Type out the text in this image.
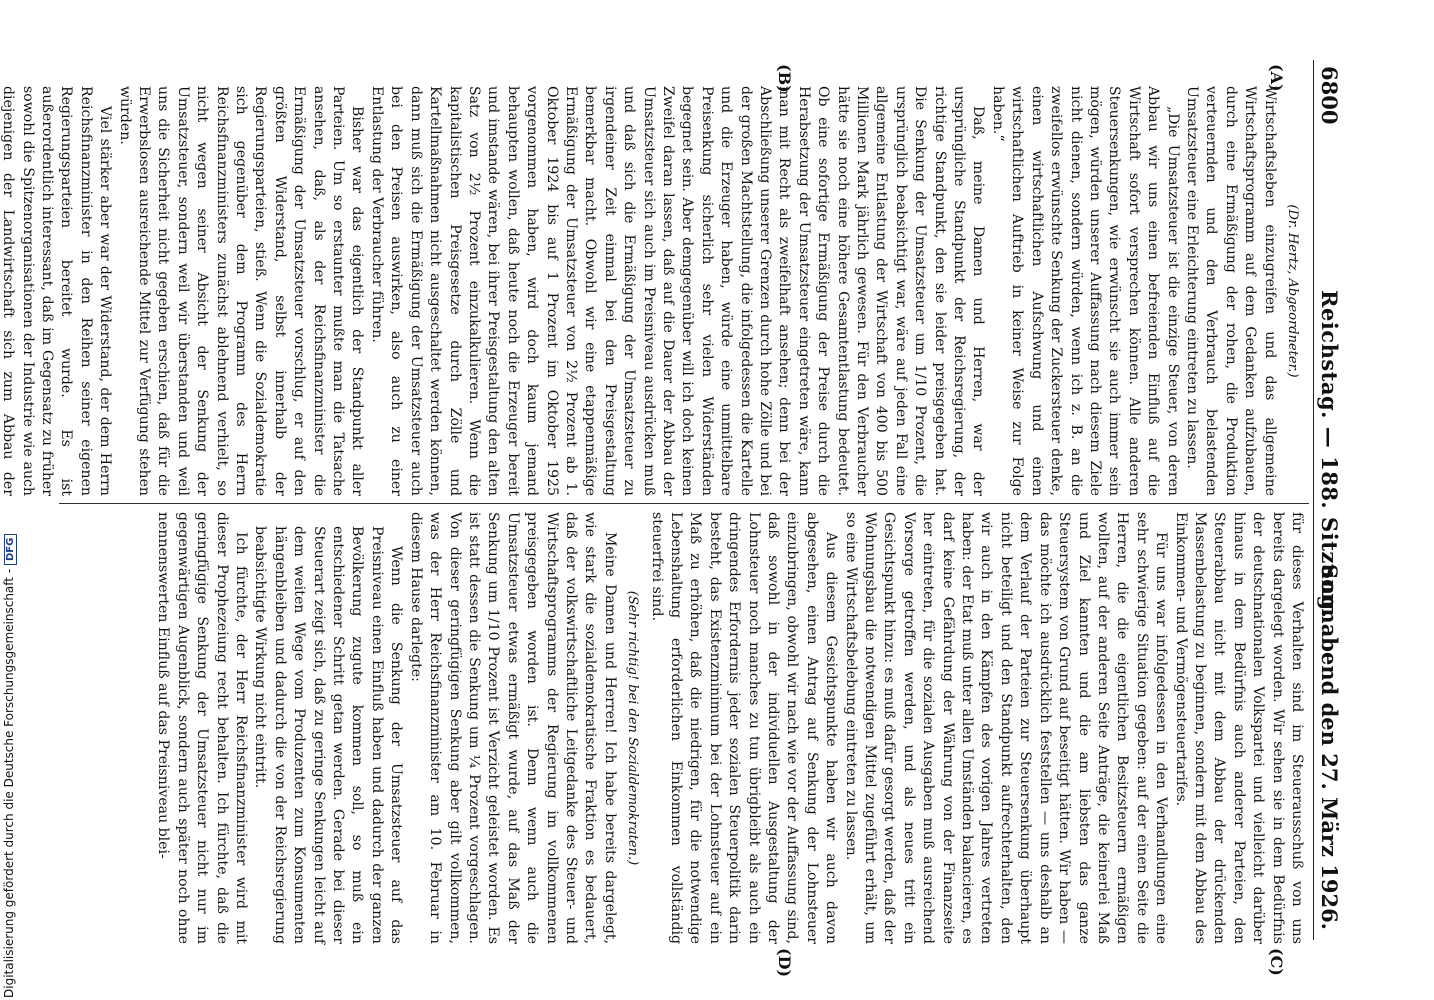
6800
Reichstag. — 188. Sitzung.
Sonnabend den 27. März 1926.
(A)
(B)
(C)
(D)

(Dr. Hertz, Abgeordneter.)

Wirtschaftsleben einzugreifen und das allgemeine Wirtschaftsprogramm auf dem Gedanken aufzubauen, durch eine Ermäßigung der rohen, die Produktion verteuernden und den Verbrauch belastenden Umsatzsteuer eine Erleichterung eintreten zu lassen.

„Die Umsatzsteuer ist die einzige Steuer, von deren Abbau wir uns einen befreienden Einfluß auf die Wirtschaft sofort versprechen können. Alle anderen Steuersenkungen, wie erwünscht sie auch immer sein mögen, würden unserer Auffassung nach diesem Ziele nicht dienen, sondern würden, wenn ich z. B. an die zweifellos erwünschte Senkung der Zuckersteuer denke, einen wirtschaftlichen Aufschwung und einen wirtschaftlichen Auftrieb in keiner Weise zur Folge haben.“

Daß, meine Damen und Herren, war der ursprüngliche Standpunkt der Reichsregierung, der richtige Standpunkt, den sie leider preisgegeben hat. Die Senkung der Umsatzsteuer um 1/10 Prozent, die ursprünglich beabsichtigt war, wäre auf jeden Fall eine allgemeine Entlastung der Wirtschaft von 400 bis 500 Millionen Mark jährlich gewesen. Für den Verbraucher hätte sie noch eine höhere Gesamtentlastung bedeutet. Ob eine sofortige Ermäßigung der Preise durch die Herabsetzung der Umsatzsteuer eingetreten wäre, kann man mit Recht als zweifelhaft ansehen; denn bei der Abschließung unserer Grenzen durch hohe Zölle und bei der großen Machtstellung, die infolgedessen die Kartelle und die Erzeuger haben, würde eine unmittelbare Preisenkung sicherlich sehr vielen Widerständen begegnet sein. Aber demgegenüber will ich doch keinen Zweifel daran lassen, daß auf die Dauer der Abbau der Umsatzsteuer sich auch im Preisniveau ausdrücken muß und daß sich die Ermäßigung der Umsatzsteuer zu irgendeiner Zeit einmal bei den Preisgestaltung bemerkbar macht. Obwohl wir eine etappenmäßige Ermäßigung der Umsatzsteuer von 2½ Prozent ab 1. Oktober 1924 bis auf 1 Prozent im Oktober 1925 vorgenommen haben, wird doch kaum jemand behaupten wollen, daß heute noch die Erzeuger bereit und imstande wären, bei ihrer Preisgestaltung den alten Satz von 2½ Prozent einzukalkulieren. Wenn die kapitalistischen Preisgesetze durch Zölle und Kartellmaßnahmen nicht ausgeschaltet werden können, dann muß sich die Ermäßigung der Umsatzsteuer auch bei den Preisen auswirken, also auch zu einer Entlastung der Verbraucher führen.

Bisher war das eigentlich der Standpunkt aller Parteien. Um so erstaunter mußte man die Tatsache ansehen, daß, als der Reichsfinanzminister die Ermäßigung der Umsatzsteuer vorschlug, er auf den größten Widerstand, selbst innerhalb der Regierungsparteien, stieß. Wenn die Sozialdemokratie sich gegenüber dem Programm des Herrn Reichsfinanzministers zunächst ablehnend verhielt, so nicht wegen seiner Absicht der Senkung der Umsatzsteuer, sondern weil wir überstanden und weil uns die Sicherheit nicht gegeben erschien, daß für die Erwerbslosen ausreichende Mittel zur Verfügung stehen würden.

Viel stärker aber war der Widerstand, der dem Herrn Reichsfinanzminister in den Reihen seiner eigenen Regierungsparteien bereitet wurde. Es ist außerordentlich interessant, daß im Gegensatz zu früher sowohl die Spitzenorganisationen der Industrie wie auch diejenigen der Landwirtschaft sich zum Abbau der

für dieses Verhalten sind im Steuerausschuß von uns bereits dargelegt worden. Wir sehen sie in dem Bedürfnis der deutschnationalen Volkspartei und vielleicht darüber hinaus in dem Bedürfnis auch anderer Parteien, den Steuerabbau nicht mit dem Abbau der drückenden Massenbelastung zu beginnen, sondern mit dem Abbau des Einkommen- und Vermögensteuertarifes.

Für uns war infolgedessen in den Verhandlungen eine sehr schwierige Situation gegeben: auf der einen Seite die Herren, die die eigentlichen Besitzsteuern ermäßigen wollten, auf der anderen Seite Anträge, die keinerlei Maß und Ziel kannten und die am liebsten das ganze Steuersystem von Grund auf beseitigt hätten. Wir haben — das möchte ich ausdrücklich feststellen — uns deshalb an dem Verlauf der Parteien zur Steuersenkung überhaupt nicht beteiligt und den Standpunkt aufrechterhalten, den wir auch in den Kämpfen des vorigen Jahres vertreten haben: der Etat muß unter allen Umständen balancieren, es darf keine Gefährdung der Währung von der Finanzseite her eintreten, für die sozialen Ausgaben muß ausreichend Vorsorge getroffen werden, und als neues tritt ein Gesichtspunkt hinzu: es muß dafür gesorgt werden, daß der Wohnungsbau die notwendigen Mittel zugeführt erhält, um so eine Wirtschaftsbelebung eintreten zu lassen.

Aus diesem Gesichtspunkte haben wir auch davon abgesehen, einen Antrag auf Senkung der Lohnsteuer einzubringen, obwohl wir nach wie vor der Auffassung sind, daß sowohl in der individuellen Ausgestaltung der Lohnsteuer noch manches zu tun übrigbleibt als auch ein dringendes Erfordernis jeder sozialen Steuerpolitik darin besteht, das Existenzminimum bei der Lohnsteuer auf ein Maß zu erhöhen, daß die niedrigen, für die notwendige Lebenshaltung erforderlichen Einkommen vollständig steuerfrei sind.

(Sehr richtig! bei den Sozialdemokraten.)

Meine Damen und Herren! Ich habe bereits dargelegt, wie stark die sozialdemokratische Fraktion es bedauert, daß der volkswirtschaftliche Leitgedanke des Steuer- und Wirtschaftsprogramms der Regierung im vollkommenen preisgegeben worden ist. Denn wenn auch die Umsatzsteuer etwas ermäßigt wurde, auf das Maß der Senkung um 1/10 Prozent ist Verzicht geleistet worden. Es ist statt dessen die Senkung um ¼ Prozent vorgeschlagen. Von dieser geringfügigen Senkung aber gilt vollkommen, was der Herr Reichsfinanzminister am 10. Februar in diesem Hause darlegte:

Wenn die Senkung der Umsatzsteuer auf das Preisniveau einen Einfluß haben und dadurch der ganzen Bevölkerung zugute kommen soll, so muß ein entschiedener Schritt getan werden. Gerade bei dieser Steuerart zeigt sich, daß zu geringe Senkungen leicht auf dem weiten Wege vom Produzenten zum Konsumenten hängenbleiben und dadurch die von der Reichsregierung beabsichtigte Wirkung nicht eintritt.

Ich fürchte, der Herr Reichsfinanzminister wird mit dieser Prophezeiung recht behalten. Ich fürchte, daß die geringfügige Senkung der Umsatzsteuer nicht nur im gegenwärtigen Augenblick, sondern auch später noch ohne nennenswerten Einfluß auf das Preisniveau blei-

Digitalisierung gefördert durch die Deutsche Forschungsgemeinschaft - DFG
